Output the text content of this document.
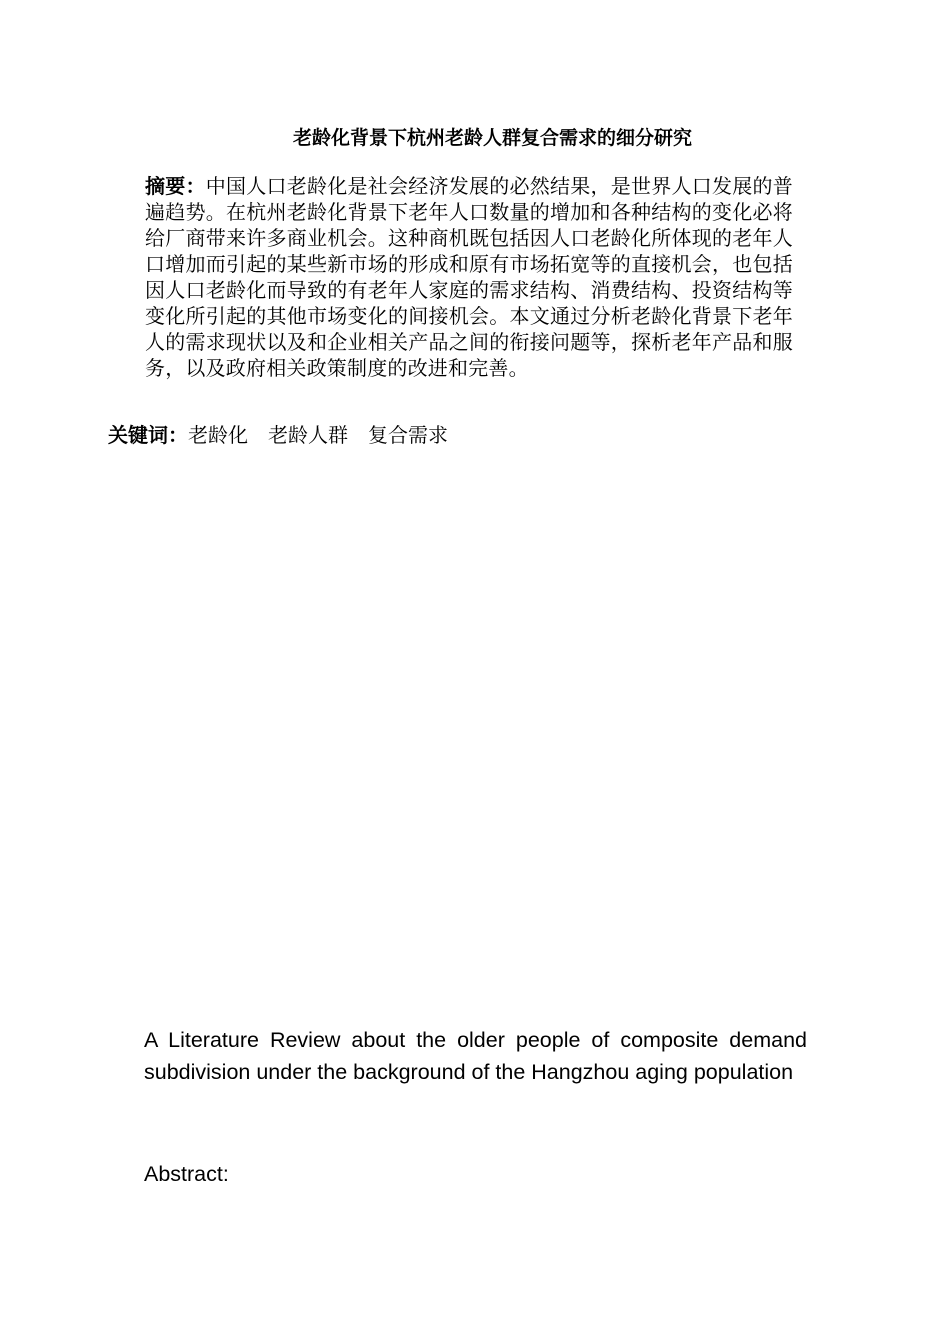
老龄化背景下杭州老龄人群复合需求的细分研究

摘要：中国人口老龄化是社会经济发展的必然结果，是世界人口发展的普遍趋势。在杭州老龄化背景下老年人口数量的增加和各种结构的变化必将给厂商带来许多商业机会。这种商机既包括因人口老龄化所体现的老年人口增加而引起的某些新市场的形成和原有市场拓宽等的直接机会，也包括因人口老龄化而导致的有老年人家庭的需求结构、消费结构、投资结构等变化所引起的其他市场变化的间接机会。本文通过分析老龄化背景下老年人的需求现状以及和企业相关产品之间的衔接问题等，探析老年产品和服务，以及政府相关政策制度的改进和完善。

关键词：老龄化　老龄人群　复合需求

A Literature Review about the older people of composite demand subdivision under the background of the Hangzhou aging population

Abstract:
